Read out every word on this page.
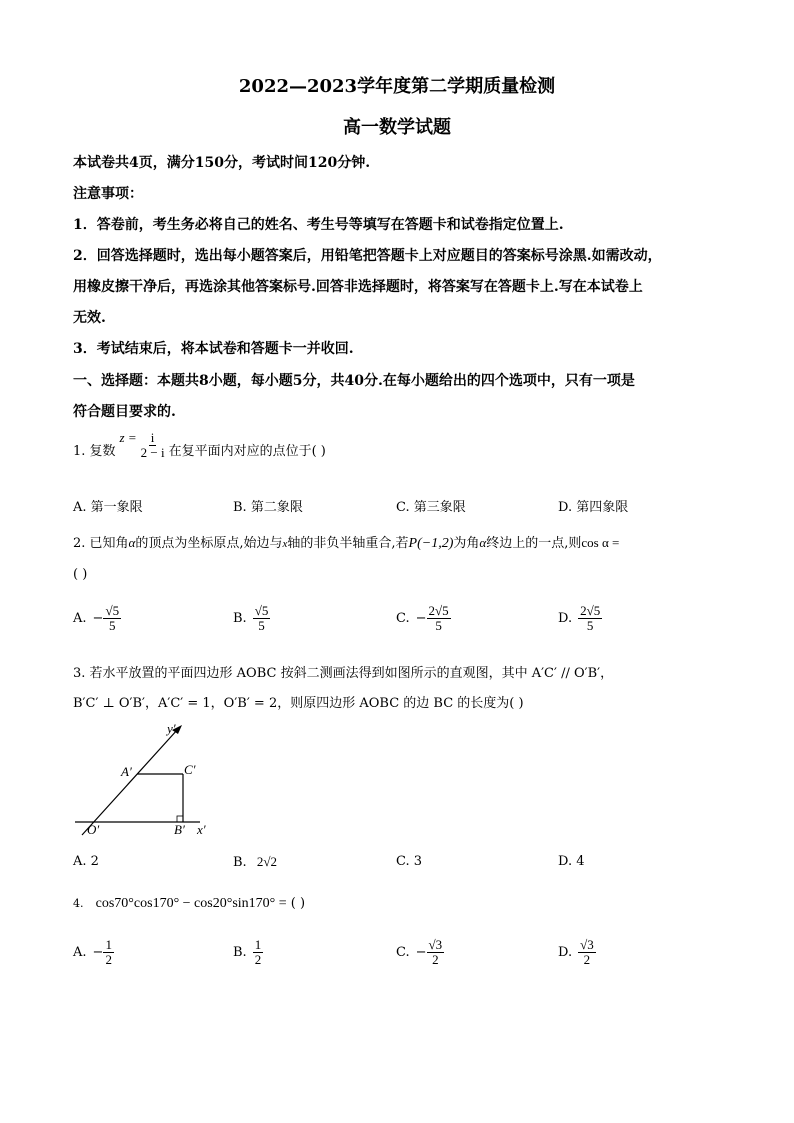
2022—2023学年度第二学期质量检测
高一数学试题
本试卷共4页，满分150分，考试时间120分钟.
注意事项：
1．答卷前，考生务必将自己的姓名、考生号等填写在答题卡和试卷指定位置上.
2．回答选择题时，选出每小题答案后，用铅笔把答题卡上对应题目的答案标号涂黑.如需改动，
用橡皮擦干净后，再选涂其他答案标号.回答非选择题时，将答案写在答题卡上.写在本试卷上
无效.
3．考试结束后，将本试卷和答题卡一并收回.
一、选择题：本题共8小题，每小题5分，共40分.在每小题给出的四个选项中，只有一项是
符合题目要求的.
1. 复数
$z = \frac{i}{2 - i}$ 在复平面内对应的点位于( )
A. 第一象限	B. 第二象限	C. 第三象限	D. 第四象限
2. 已知角α的顶点为坐标原点,始边与x轴的非负半轴重合,若P(−1,2)为角α终边上的一点,则cos α =
( )
A. − $\frac{√5}{5}$	B. $\frac{√5}{5}$	C. − $\frac{2√5}{5}$	D. $\frac{2√5}{5}$
3. 若水平放置的平面四边形 AOBC 按斜二测画法得到如图所示的直观图，其中 A′C′ // O′B′，
B′C′ ⊥ O′B′，A′C′ = 1，O′B′ = 2，则原四边形 AOBC 的边 BC 的长度为( )
y′
A′	C′
O′	B′ x′
A. 2	B. 2√2	C. 3	D. 4
4. cos70°cos170° − cos20°sin170° = ( )
A. − $\frac{1}{2}$	B. $\frac{1}{2}$	C. − $\frac{√3}{2}$	D. $\frac{√3}{2}$
